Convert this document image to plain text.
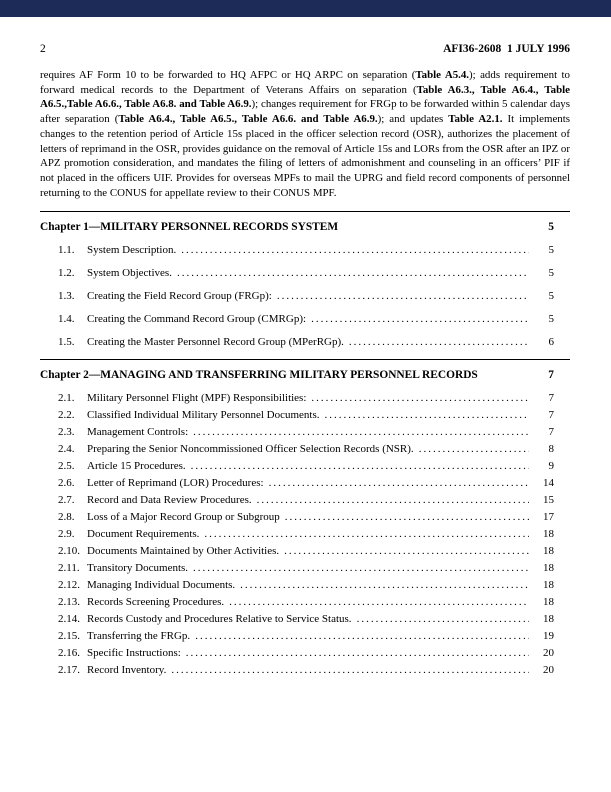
2	AFI36-2608  1 JULY 1996

requires AF Form 10 to be forwarded to HQ AFPC or HQ ARPC on separation (Table A5.4.); adds requirement to forward medical records to the Department of Veterans Affairs on separation (Table A6.3., Table A6.4., Table A6.5.,Table A6.6., Table A6.8. and Table A6.9.); changes requirement for FRGp to be forwarded within 5 calendar days after separation (Table A6.4., Table A6.5., Table A6.6. and Table A6.9.); and updates Table A2.1. It implements changes to the retention period of Article 15s placed in the officer selection record (OSR), authorizes the placement of letters of reprimand in the OSR, provides guidance on the removal of Article 15s and LORs from the OSR after an IPZ or APZ promotion consideration, and mandates the filing of letters of admonishment and counseling in an officers’ PIF if not placed in the officers UIF. Provides for overseas MPFs to mail the UPRG and field record components of personnel returning to the CONUS for appellate review to their CONUS MPF.

Chapter 1—MILITARY PERSONNEL RECORDS SYSTEM	5
1.1.	System Description. .....	5
1.2.	System Objectives. .....	5
1.3.	Creating the Field Record Group (FRGp): .....	5
1.4.	Creating the Command Record Group (CMRGp): .....	5
1.5.	Creating the Master Personnel Record Group (MPerRGp). .....	6
Chapter 2—MANAGING AND TRANSFERRING MILITARY PERSONNEL RECORDS	7
2.1.	Military Personnel Flight (MPF) Responsibilities: .....	7
2.2.	Classified Individual Military Personnel Documents. .....	7
2.3.	Management Controls: .....	7
2.4.	Preparing the Senior Noncommissioned Officer Selection Records (NSR). .....	8
2.5.	Article 15 Procedures. .....	9
2.6.	Letter of Reprimand (LOR) Procedures: .....	14
2.7.	Record and Data Review Procedures. .....	15
2.8.	Loss of a Major Record Group or Subgroup .....	17
2.9.	Document Requirements. .....	18
2.10. Documents Maintained by Other Activities. .....	18
2.11. Transitory Documents. .....	18
2.12. Managing Individual Documents. .....	18
2.13. Records Screening Procedures. .....	18
2.14. Records Custody and Procedures Relative to Service Status. .....	18
2.15. Transferring the FRGp. .....	19
2.16. Specific Instructions: .....	20
2.17. Record Inventory. .....	20
